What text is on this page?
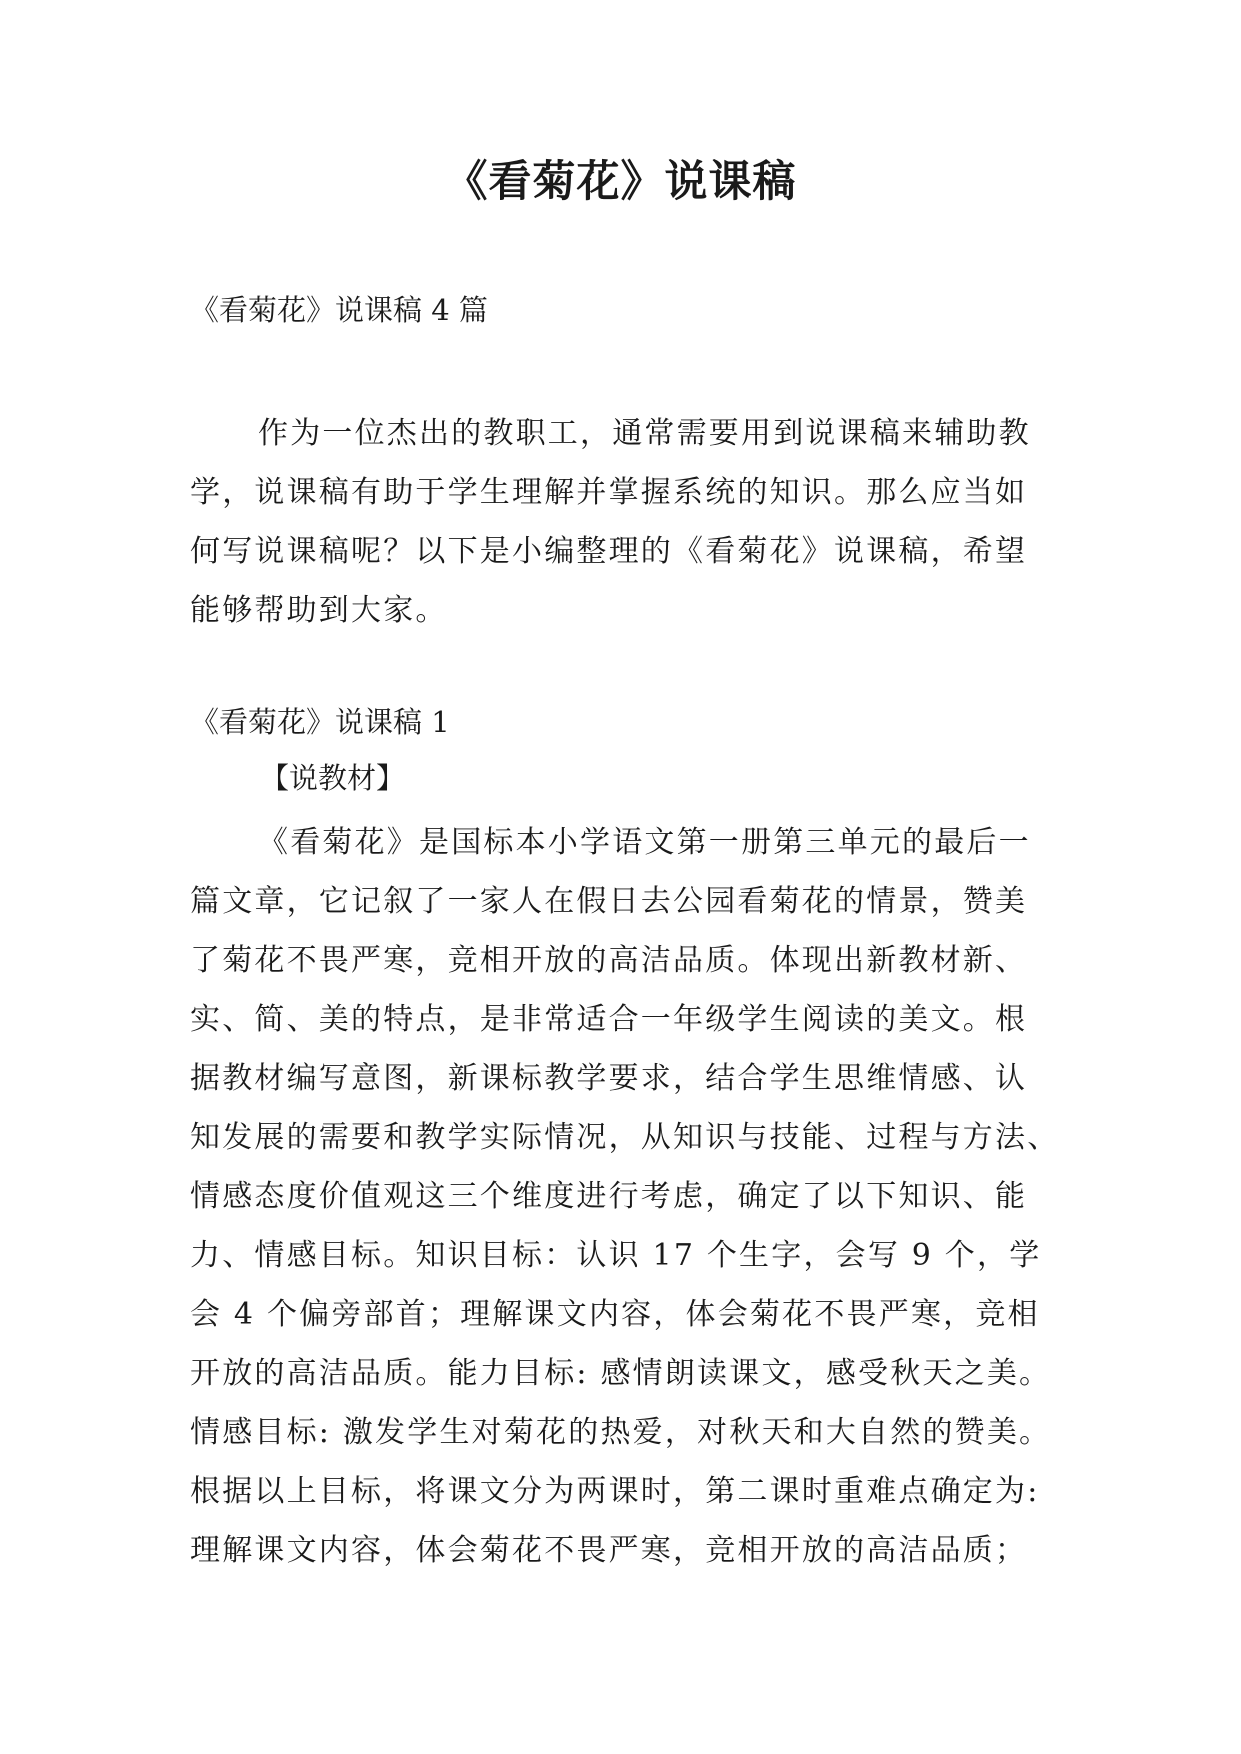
《看菊花》说课稿
《看菊花》说课稿 4 篇
作为一位杰出的教职工，通常需要用到说课稿来辅助教
学，说课稿有助于学生理解并掌握系统的知识。那么应当如
何写说课稿呢？以下是小编整理的《看菊花》说课稿，希望
能够帮助到大家。
《看菊花》说课稿 1
【说教材】
《看菊花》是国标本小学语文第一册第三单元的最后一
篇文章，它记叙了一家人在假日去公园看菊花的情景，赞美
了菊花不畏严寒，竞相开放的高洁品质。体现出新教材新、
实、简、美的特点，是非常适合一年级学生阅读的美文。根
据教材编写意图，新课标教学要求，结合学生思维情感、认
知发展的需要和教学实际情况，从知识与技能、过程与方法、
情感态度价值观这三个维度进行考虑，确定了以下知识、能
力、情感目标。知识目标：认识 17 个生字，会写 9 个，学
会 4 个偏旁部首；理解课文内容，体会菊花不畏严寒，竞相
开放的高洁品质。能力目标: 感情朗读课文，感受秋天之美。
情感目标: 激发学生对菊花的热爱，对秋天和大自然的赞美。
根据以上目标，将课文分为两课时，第二课时重难点确定为:
理解课文内容，体会菊花不畏严寒，竞相开放的高洁品质；
